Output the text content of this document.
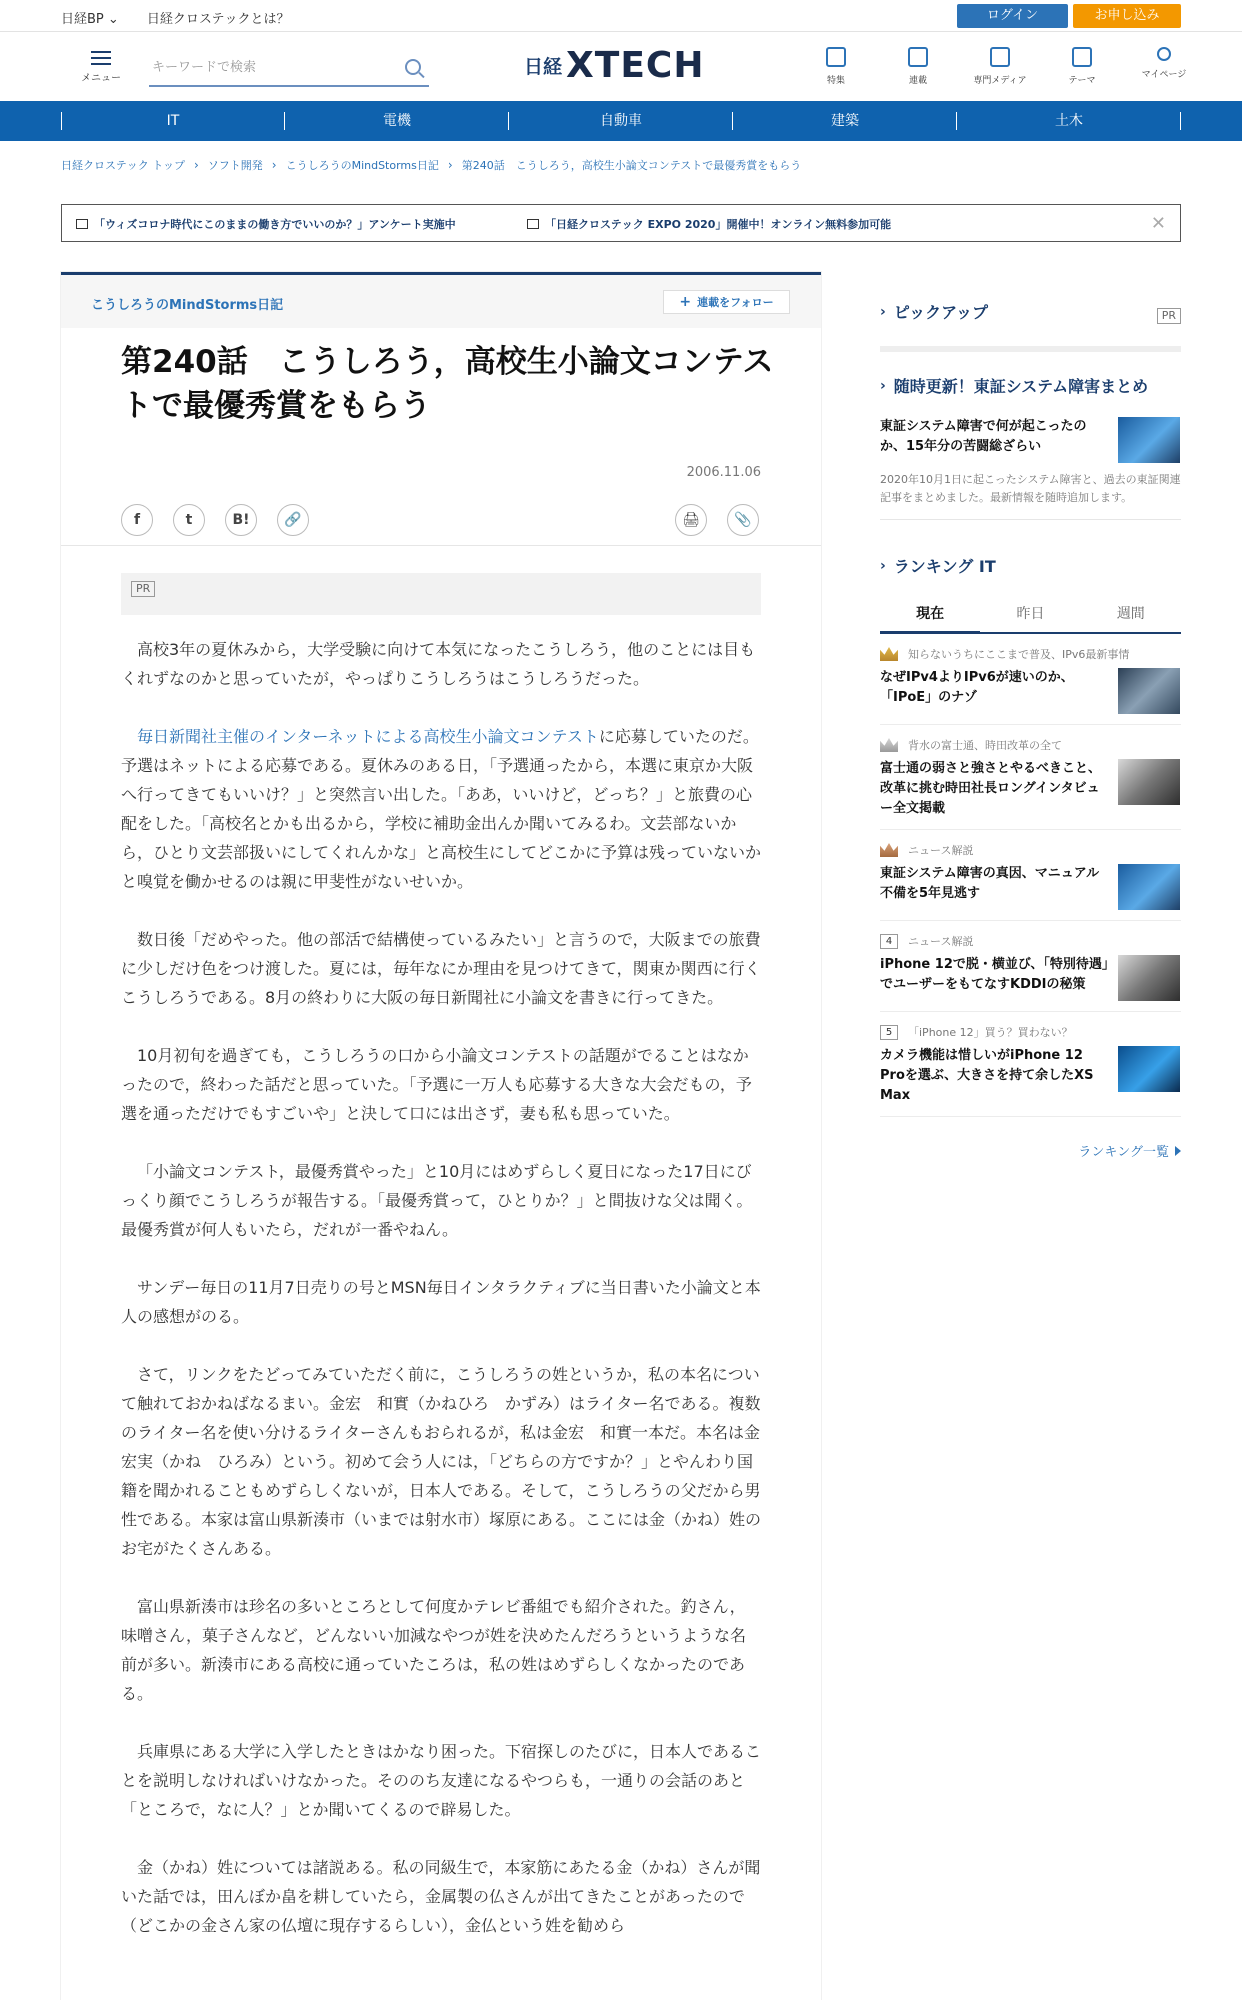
日経BP ⌄ 日経クロステックとは？	ログイン	お申し込み
メニュー
キーワードで検索
日経 XTECH	特集	連載	専門メディア	テーマ
マイページ
IT	電機	自動車	建築	土木
日経クロステック トップ › ソフト開発 › こうしろうのMindStorms日記 › 第240話　こうしろう，高校生小論文コンテストで最優秀賞をもらう
「ウィズコロナ時代にこのままの働き方でいいのか？」アンケート実施中	「日経クロステック EXPO 2020」開催中！オンライン無料参加可能	✕
こうしろうのMindStorms日記	+ 連載をフォロー
第240話　こうしろう，高校生小論文コンテストで最優秀賞をもらう
2006.11.06
f	t	B!	🔗	🖨	📎
PR

高校3年の夏休みから，大学受験に向けて本気になったこうしろう，他のことには目もくれずなのかと思っていたが，やっぱりこうしろうはこうしろうだった。

毎日新聞社主催のインターネットによる高校生小論文コンテストに応募していたのだ。予選はネットによる応募である。夏休みのある日，「予選通ったから，本選に東京か大阪へ行ってきてもいいけ？」と突然言い出した。「ああ，いいけど，どっち？」と旅費の心配をした。「高校名とかも出るから，学校に補助金出んか聞いてみるわ。文芸部ないから，ひとり文芸部扱いにしてくれんかな」と高校生にしてどこかに予算は残っていないかと嗅覚を働かせるのは親に甲斐性がないせいか。

数日後「だめやった。他の部活で結構使っているみたい」と言うので，大阪までの旅費に少しだけ色をつけ渡した。夏には，毎年なにか理由を見つけてきて，関東か関西に行くこうしろうである。8月の終わりに大阪の毎日新聞社に小論文を書きに行ってきた。

10月初旬を過ぎても，こうしろうの口から小論文コンテストの話題がでることはなかったので，終わった話だと思っていた。「予選に一万人も応募する大きな大会だもの，予選を通っただけでもすごいや」と決して口には出さず，妻も私も思っていた。

「小論文コンテスト，最優秀賞やった」と10月にはめずらしく夏日になった17日にびっくり顔でこうしろうが報告する。「最優秀賞って，ひとりか？」と間抜けな父は聞く。最優秀賞が何人もいたら，だれが一番やねん。

サンデー毎日の11月7日売りの号とMSN毎日インタラクティブに当日書いた小論文と本人の感想がのる。

さて，リンクをたどってみていただく前に，こうしろうの姓というか，私の本名について触れておかねばなるまい。金宏　和實（かねひろ　かずみ）はライター名である。複数のライター名を使い分けるライターさんもおられるが，私は金宏　和實一本だ。本名は金　宏実（かね　ひろみ）という。初めて会う人には，「どちらの方ですか？」とやんわり国籍を聞かれることもめずらしくないが，日本人である。そして，こうしろうの父だから男性である。本家は富山県新湊市（いまでは射水市）塚原にある。ここには金（かね）姓のお宅がたくさんある。

富山県新湊市は珍名の多いところとして何度かテレビ番組でも紹介された。釣さん，味噌さん，菓子さんなど，どんないい加減なやつが姓を決めたんだろうというような名前が多い。新湊市にある高校に通っていたころは，私の姓はめずらしくなかったのである。

兵庫県にある大学に入学したときはかなり困った。下宿探しのたびに，日本人であることを説明しなければいけなかった。そののち友達になるやつらも，一通りの会話のあと「ところで，なに人？」とか聞いてくるので辟易した。

金（かね）姓については諸説ある。私の同級生で，本家筋にあたる金（かね）さんが聞いた話では，田んぼか畠を耕していたら，金属製の仏さんが出てきたことがあったので（どこかの金さん家の仏壇に現存するらしい），金仏という姓を勧めら

› ピックアップ	PR
› 随時更新！東証システム障害まとめ
東証システム障害で何が起こったのか、15年分の苦闘総ざらい
2020年10月1日に起こったシステム障害と、過去の東証関連記事をまとめました。最新情報を随時追加します。
› ランキング IT
現在	昨日	週間
知らないうちにここまで普及、IPv6最新事情
なぜIPv4よりIPv6が速いのか、「IPoE」のナゾ
背水の富士通、時田改革の全て
富士通の弱さと強さとやるべきこと、改革に挑む時田社長ロングインタビュー全文掲載
ニュース解説
東証システム障害の真因、マニュアル不備を5年見逃す
4	ニュース解説
iPhone 12で脱・横並び、「特別待遇」でユーザーをもてなすKDDIの秘策
5	「iPhone 12」買う？買わない？
カメラ機能は惜しいがiPhone 12 Proを選ぶ、大きさを持て余したXS Max
ランキング一覧
